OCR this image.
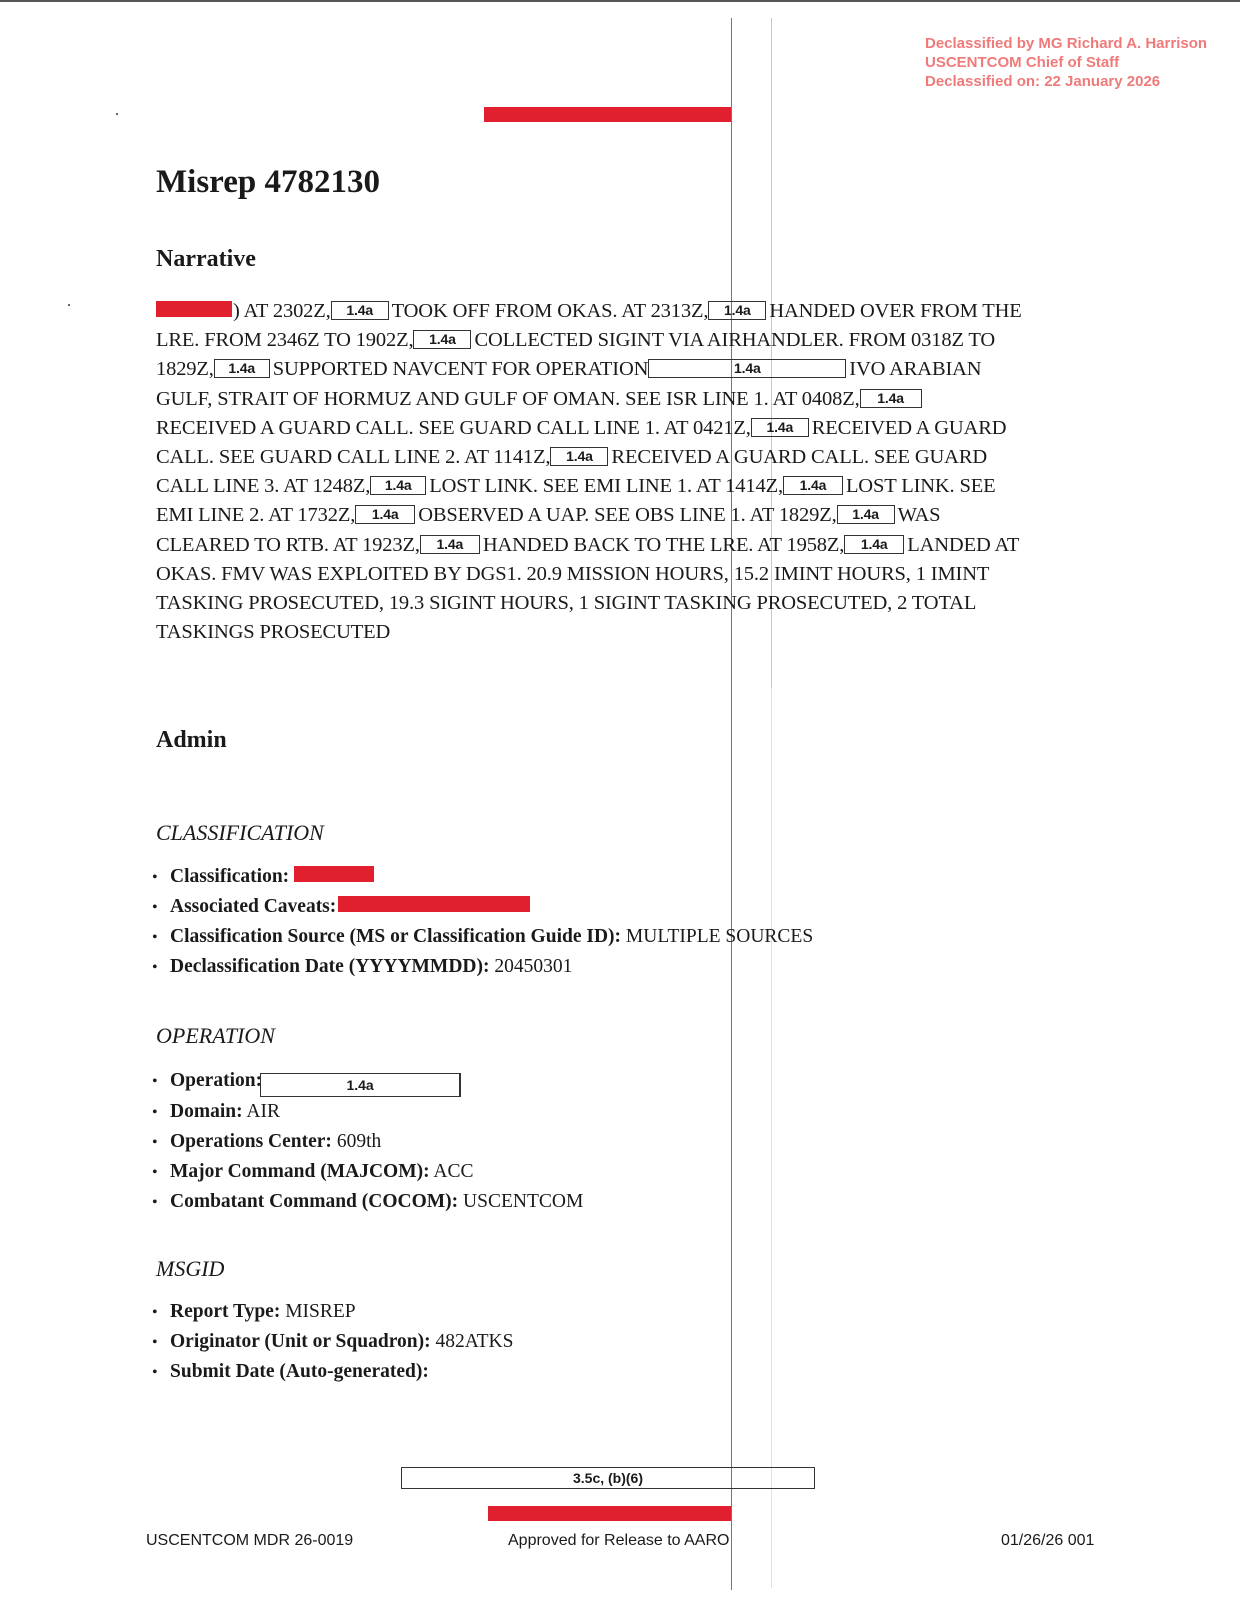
Declassified by MG Richard A. Harrison
USCENTCOM Chief of Staff
Declassified on: 22 January 2026
Misrep 4782130
Narrative
) AT 2302Z, 1.4a TOOK OFF FROM OKAS. AT 2313Z, 1.4a HANDED OVER FROM THE
LRE. FROM 2346Z TO 1902Z, 1.4a COLLECTED SIGINT VIA AIRHANDLER. FROM 0318Z TO
1829Z, 1.4a SUPPORTED NAVCENT FOR OPERATION	1.4a	IVO ARABIAN
GULF, STRAIT OF HORMUZ AND GULF OF OMAN. SEE ISR LINE 1. AT 0408Z, 1.4a
RECEIVED A GUARD CALL. SEE GUARD CALL LINE 1. AT 0421Z, 1.4a RECEIVED A GUARD
CALL. SEE GUARD CALL LINE 2. AT 1141Z, 1.4a RECEIVED A GUARD CALL. SEE GUARD
CALL LINE 3. AT 1248Z, 1.4a LOST LINK. SEE EMI LINE 1. AT 1414Z, 1.4a LOST LINK. SEE
EMI LINE 2. AT 1732Z, 1.4a OBSERVED A UAP. SEE OBS LINE 1. AT 1829Z, 1.4a WAS
CLEARED TO RTB. AT 1923Z, 1.4a HANDED BACK TO THE LRE. AT 1958Z, 1.4a LANDED AT
OKAS. FMV WAS EXPLOITED BY DGS1. 20.9 MISSION HOURS, 15.2 IMINT HOURS, 1 IMINT
TASKING PROSECUTED, 19.3 SIGINT HOURS, 1 SIGINT TASKING PROSECUTED, 2 TOTAL
TASKINGS PROSECUTED
Admin
CLASSIFICATION
• Classification:
• Associated Caveats:
• Classification Source (MS or Classification Guide ID): MULTIPLE SOURCES
• Declassification Date (YYYYMMDD): 20450301
OPERATION
• Operation:	1.4a
• Domain: AIR
• Operations Center: 609th
• Major Command (MAJCOM): ACC
• Combatant Command (COCOM): USCENTCOM
MSGID
• Report Type: MISREP
• Originator (Unit or Squadron): 482ATKS
• Submit Date (Auto-generated):
3.5c, (b)(6)
USCENTCOM MDR 26-0019	Approved for Release to AARO	01/26/26 001
